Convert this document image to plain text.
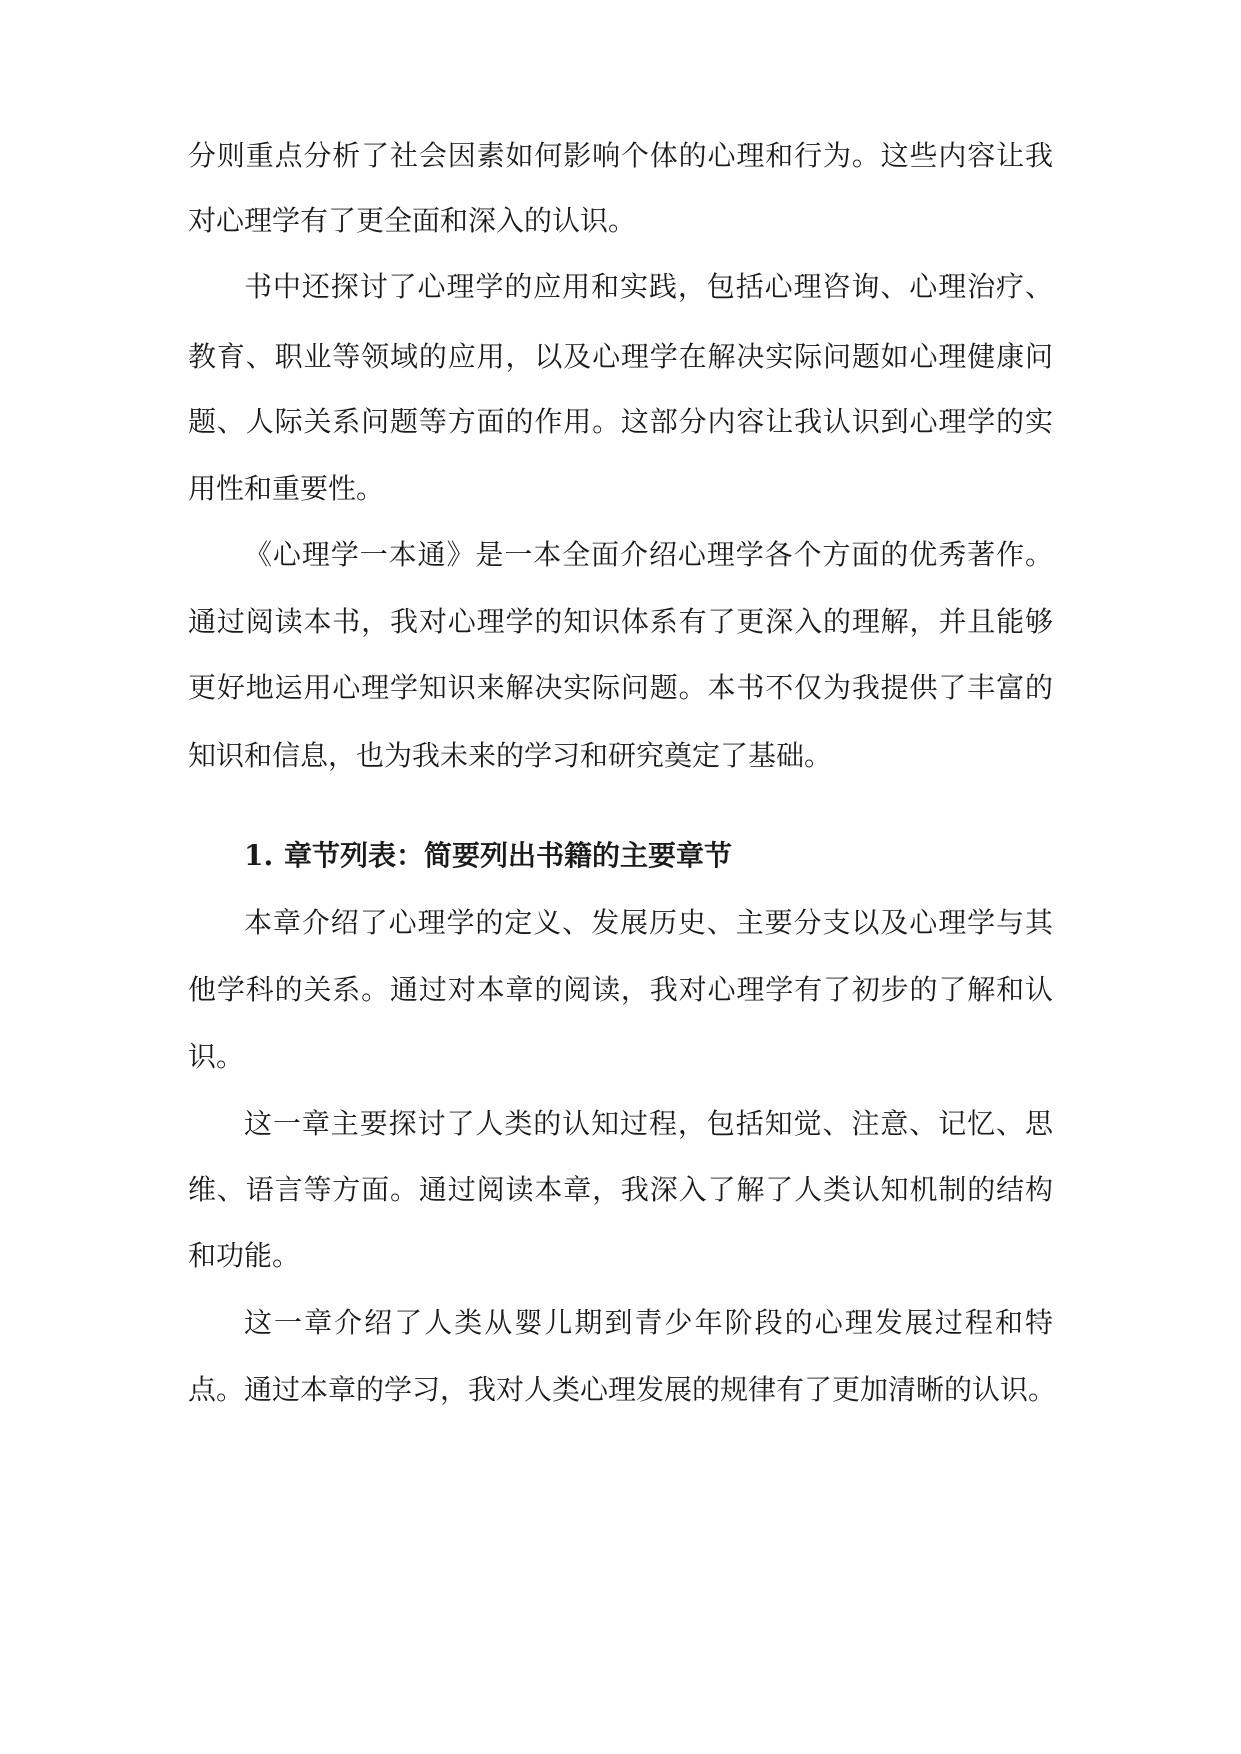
分则重点分析了社会因素如何影响个体的心理和行为。这些内容让我
对心理学有了更全面和深入的认识。
书中还探讨了心理学的应用和实践，包括心理咨询、心理治疗、
教育、职业等领域的应用，以及心理学在解决实际问题如心理健康问
题、人际关系问题等方面的作用。这部分内容让我认识到心理学的实
用性和重要性。
《心理学一本通》是一本全面介绍心理学各个方面的优秀著作。
通过阅读本书，我对心理学的知识体系有了更深入的理解，并且能够
更好地运用心理学知识来解决实际问题。本书不仅为我提供了丰富的
知识和信息，也为我未来的学习和研究奠定了基础。
1. 章节列表：简要列出书籍的主要章节
本章介绍了心理学的定义、发展历史、主要分支以及心理学与其
他学科的关系。通过对本章的阅读，我对心理学有了初步的了解和认
识。
这一章主要探讨了人类的认知过程，包括知觉、注意、记忆、思
维、语言等方面。通过阅读本章，我深入了解了人类认知机制的结构
和功能。
这一章介绍了人类从婴儿期到青少年阶段的心理发展过程和特
点。通过本章的学习，我对人类心理发展的规律有了更加清晰的认识。
